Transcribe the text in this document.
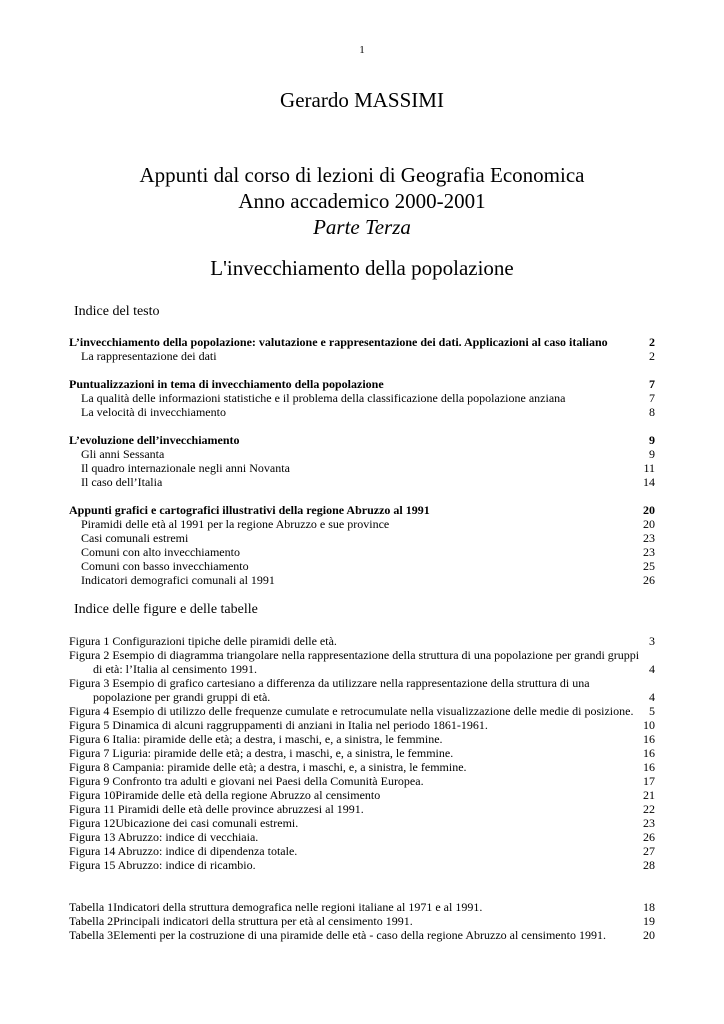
1
Gerardo MASSIMI
Appunti dal corso di lezioni di Geografia Economica
Anno accademico 2000-2001
Parte Terza
L'invecchiamento della popolazione
Indice del testo
L’invecchiamento della popolazione: valutazione e rappresentazione dei dati. Applicazioni al caso italiano	2
La rappresentazione dei dati	2
Puntualizzazioni in tema di invecchiamento della popolazione	7
La qualità delle informazioni statistiche e il problema della classificazione della popolazione anziana	7
La velocità di invecchiamento	8
L’evoluzione dell’invecchiamento	9
Gli anni Sessanta	9
Il quadro internazionale negli anni Novanta	11
Il caso dell’Italia	14
Appunti grafici e cartografici illustrativi della regione Abruzzo al 1991	20
Piramidi delle età al 1991 per la regione Abruzzo e sue province	20
Casi comunali estremi	23
Comuni con alto invecchiamento	23
Comuni con basso invecchiamento	25
Indicatori demografici comunali al 1991	26
Indice delle figure e delle tabelle
Figura 1 Configurazioni tipiche delle piramidi delle età.	3
Figura 2 Esempio di diagramma triangolare nella rappresentazione della struttura di una popolazione per grandi gruppi
di età: l’Italia al censimento 1991.	4
Figura 3 Esempio di grafico cartesiano a differenza da utilizzare nella rappresentazione della struttura di una
popolazione per grandi gruppi di età.	4
Figura 4 Esempio di utilizzo delle frequenze cumulate e retrocumulate nella visualizzazione delle medie di posizione.	5
Figura 5 Dinamica di alcuni raggruppamenti di anziani in Italia nel periodo 1861-1961.	10
Figura 6 Italia: piramide delle età; a destra, i maschi, e, a sinistra, le femmine.	16
Figura 7 Liguria: piramide delle età; a destra, i maschi, e, a sinistra, le femmine.	16
Figura 8 Campania: piramide delle età; a destra, i maschi, e, a sinistra, le femmine.	16
Figura 9 Confronto tra adulti e giovani nei Paesi della Comunità Europea.	17
Figura 10Piramide delle età della regione Abruzzo al censimento	21
Figura 11 Piramidi delle età delle province abruzzesi al 1991.	22
Figura 12Ubicazione dei casi comunali estremi.	23
Figura 13 Abruzzo: indice di vecchiaia.	26
Figura 14 Abruzzo: indice di dipendenza totale.	27
Figura 15 Abruzzo: indice di ricambio.	28
Tabella 1Indicatori della struttura demografica nelle regioni italiane al 1971 e al 1991.	18
Tabella 2Principali indicatori della struttura per età al censimento 1991.	19
Tabella 3Elementi per la costruzione di una piramide delle età - caso della regione Abruzzo al censimento 1991.	20
